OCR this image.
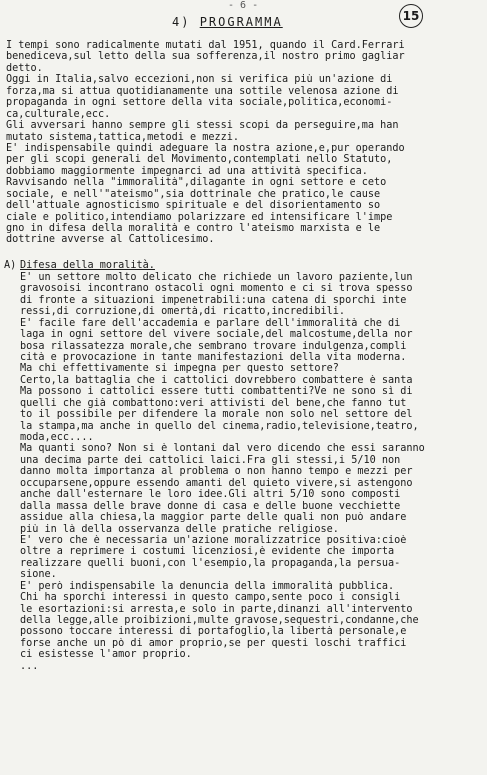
- 6 -
15
4) PROGRAMMA
I tempi sono radicalmente mutati dal 1951, quando il Card.Ferrari
benediceva,sul letto della sua sofferenza,il nostro primo gagliar
detto.
Oggi in Italia,salvo eccezioni,non si verifica più un'azione di
forza,ma si attua quotidianamente una sottile velenosa azione di
propaganda in ogni settore della vita sociale,politica,economi-
ca,culturale,ecc.
Gli avversari hanno sempre gli stessi scopi da perseguire,ma han
mutato sistema,tattica,metodi e mezzi.
E' indispensabile quindi adeguare la nostra azione,e,pur operando
per gli scopi generali del Movimento,contemplati nello Statuto,
dobbiamo maggiormente impegnarci ad una attività specifica.
Ravvisando nella "immoralità",dilagante in ogni settore e ceto
sociale, e nell'"ateismo",sia dottrinale che pratico,le cause
dell'attuale agnosticismo spirituale e del disorientamento so
ciale e politico,intendiamo polarizzare ed intensificare l'impe
gno in difesa della moralità e contro l'ateismo marxista e le
dottrine avverse al Cattolicesimo.

A)

Difesa della moralità.

E' un settore molto delicato che richiede un lavoro paziente,lun
gravosoisi incontrano ostacoli ogni momento e ci si trova spesso
di fronte a situazioni impenetrabili:una catena di sporchi inte
ressi,di corruzione,di omertà,di ricatto,incredibili.
E' facile fare dell'accademia e parlare dell'immoralità che di
laga in ogni settore del vivere sociale,del malcostume,della nor
bosa rilassatezza morale,che sembrano trovare indulgenza,compli
cità e provocazione in tante manifestazioni della vita moderna.
Ma chi effettivamente si impegna per questo settore?
Certo,la battaglia che i cattolici dovrebbero combattere è santa
Ma possono i cattolici essere tutti combattenti?Ve ne sono sì di
quelli che già combattono:veri attivisti del bene,che fanno tut
to il possibile per difendere la morale non solo nel settore del
la stampa,ma anche in quello del cinema,radio,televisione,teatro,
moda,ecc....
Ma quanti sono? Non si è lontani dal vero dicendo che essi saranno
una decima parte dei cattolici laici.Fra gli stessi,i 5/10 non
danno molta importanza al problema o non hanno tempo e mezzi per
occuparsene,oppure essendo amanti del quieto vivere,si astengono
anche dall'esternare le loro idee.Gli altri 5/10 sono composti
dalla massa delle brave donne di casa e delle buone vecchiette
assidue alla chiesa,la maggior parte delle quali non può andare
più in là della osservanza delle pratiche religiose.
E' vero che è necessaria un'azione moralizzatrice positiva:cioè
oltre a reprimere i costumi licenziosi,è evidente che importa
realizzare quelli buoni,con l'esempio,la propaganda,la persua-
sione.
E' però indispensabile la denuncia della immoralità pubblica.
Chi ha sporchi interessi in questo campo,sente poco i consigli
le esortazioni:si arresta,e solo in parte,dinanzi all'intervento
della legge,alle proibizioni,multe gravose,sequestri,condanne,che
possono toccare interessi di portafoglio,la libertà personale,e
forse anche un pò di amor proprio,se per questi loschi traffici
ci esistesse l'amor proprio.
...
